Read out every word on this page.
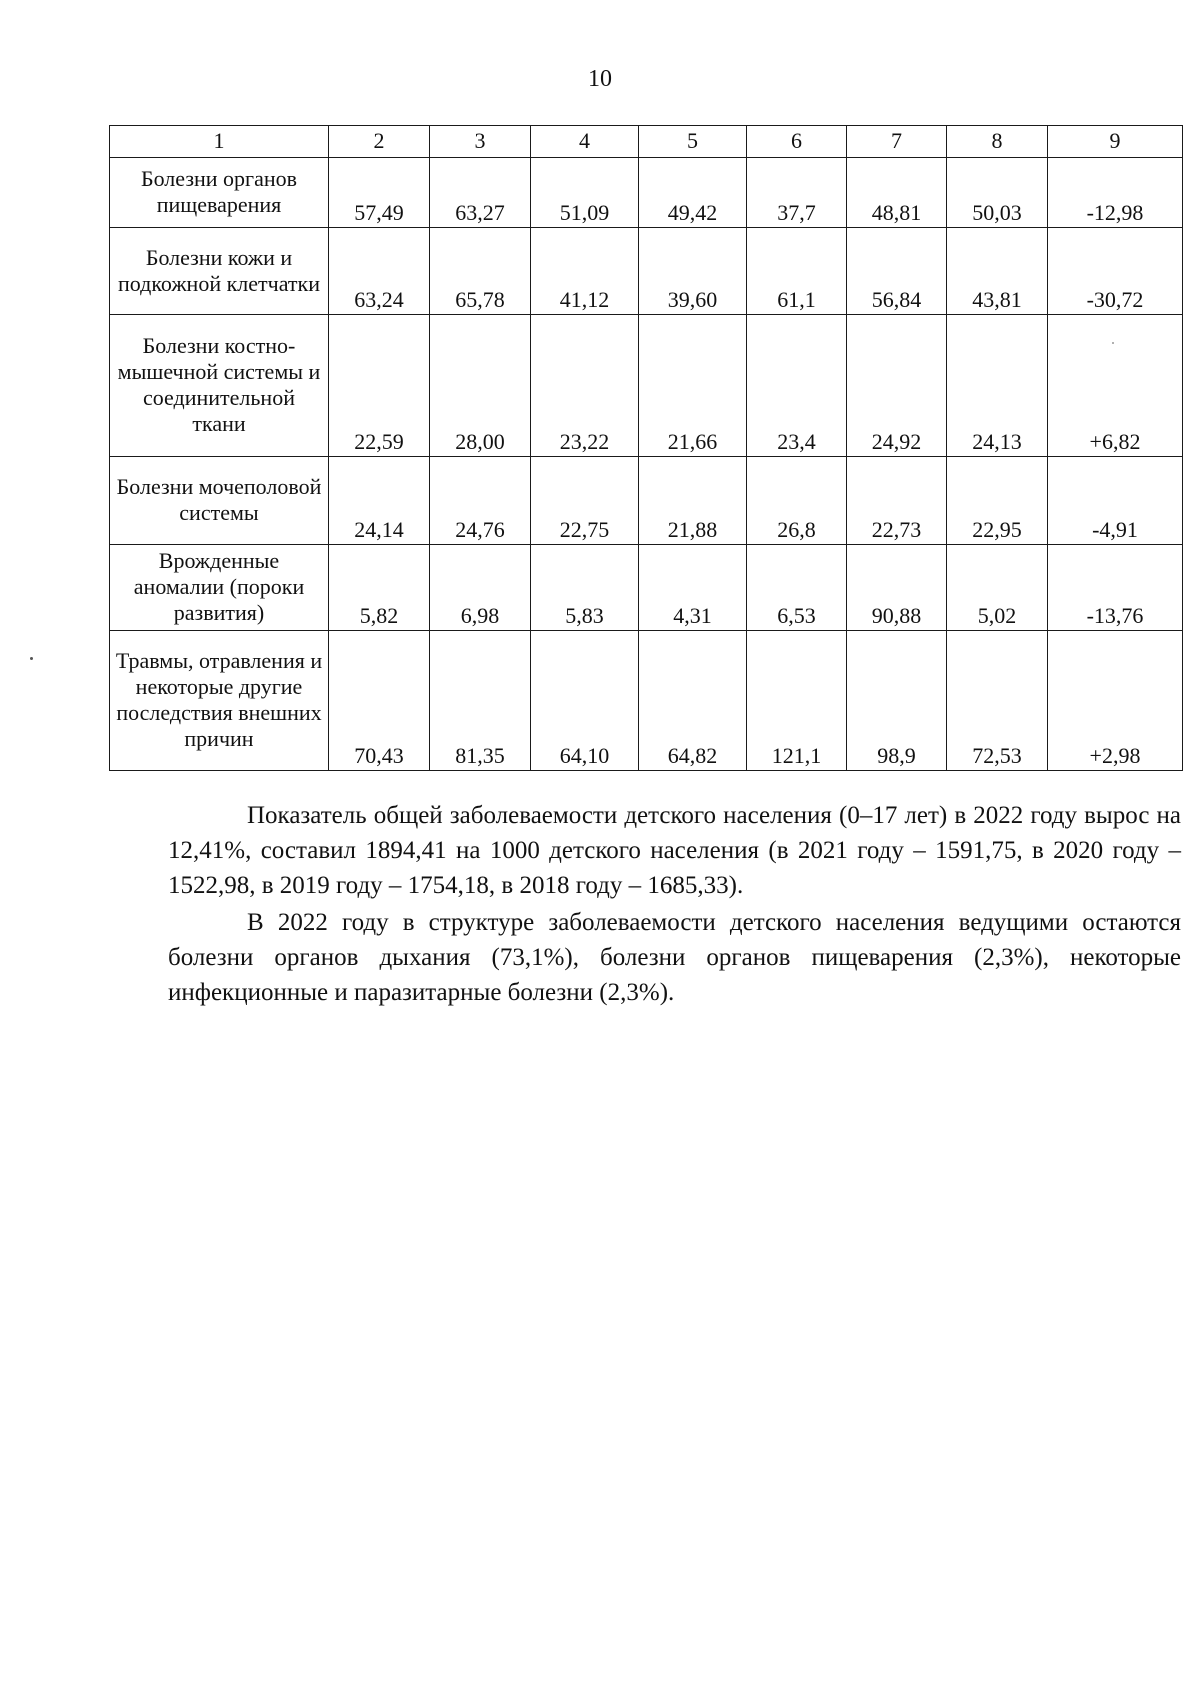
10
1	2	3	4	5	6	7	8	9
Болезни органов пищеварения	57,49	63,27	51,09	49,42	37,7	48,81	50,03	-12,98
Болезни кожи и подкожной клетчатки	63,24	65,78	41,12	39,60	61,1	56,84	43,81	-30,72
Болезни костно-мышечной системы и соединительной ткани	22,59	28,00	23,22	21,66	23,4	24,92	24,13	+6,82
Болезни мочеполовой системы	24,14	24,76	22,75	21,88	26,8	22,73	22,95	-4,91
Врожденные аномалии (пороки развития)	5,82	6,98	5,83	4,31	6,53	90,88	5,02	-13,76
Травмы, отравления и некоторые другие последствия внешних причин	70,43	81,35	64,10	64,82	121,1	98,9	72,53	+2,98

Показатель общей заболеваемости детского населения (0–17 лет) в 2022 году вырос на 12,41%, составил 1894,41 на 1000 детского населения (в 2021 году – 1591,75, в 2020 году – 1522,98, в 2019 году – 1754,18, в 2018 году – 1685,33).

В 2022 году в структуре заболеваемости детского населения ведущими остаются болезни органов дыхания (73,1%), болезни органов пищеварения (2,3%), некоторые инфекционные и паразитарные болезни (2,3%).
